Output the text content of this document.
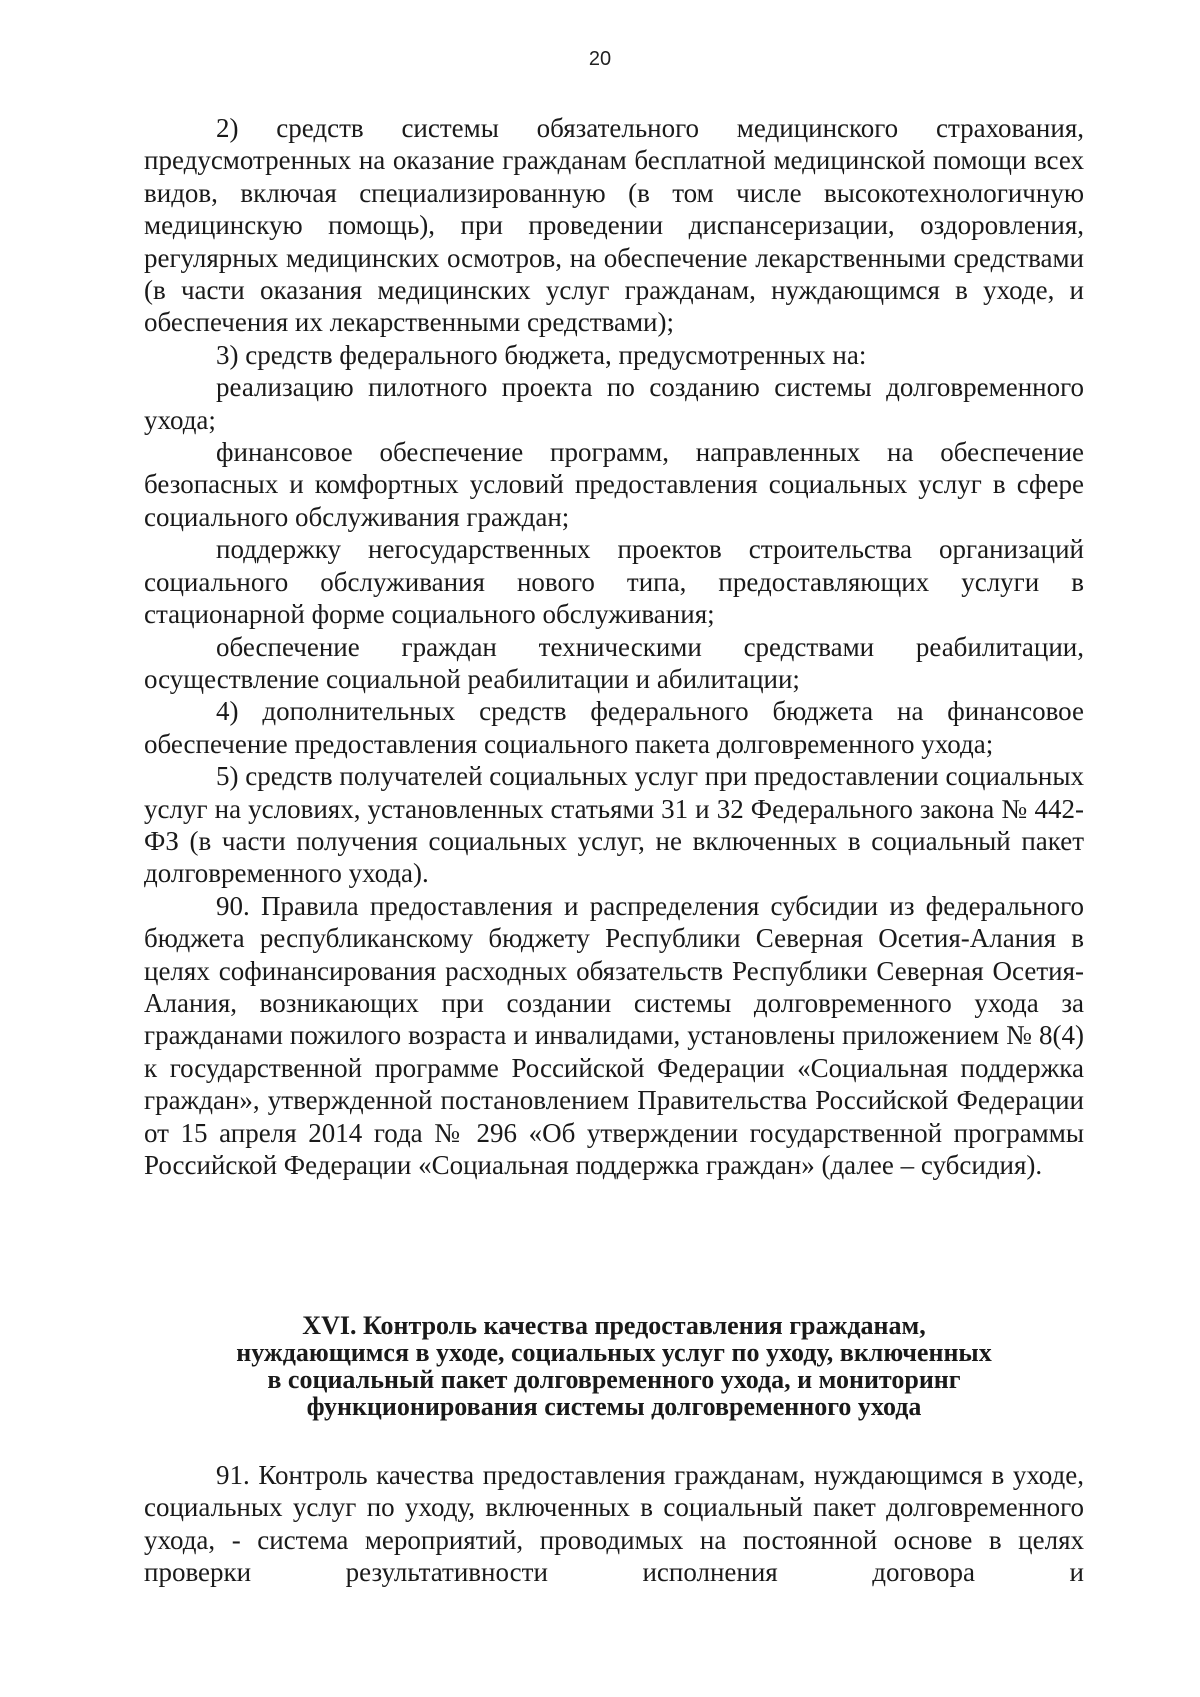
20

2) средств системы обязательного медицинского страхования, предусмотренных на оказание гражданам бесплатной медицинской помощи всех видов, включая специализированную (в том числе высокотехнологичную медицинскую помощь), при проведении диспансеризации, оздоровления, регулярных медицинских осмотров, на обеспечение лекарственными средствами (в части оказания медицинских услуг гражданам, нуждающимся в уходе, и обеспечения их лекарственными средствами);

3) средств федерального бюджета, предусмотренных на:

реализацию пилотного проекта по созданию системы долговременного ухода;

финансовое обеспечение программ, направленных на обеспечение безопасных и комфортных условий предоставления социальных услуг в сфере социального обслуживания граждан;

поддержку негосударственных проектов строительства организаций социального обслуживания нового типа, предоставляющих услуги в стационарной форме социального обслуживания;

обеспечение граждан техническими средствами реабилитации, осуществление социальной реабилитации и абилитации;

4) дополнительных средств федерального бюджета на финансовое обеспечение предоставления социального пакета долговременного ухода;

5) средств получателей социальных услуг при предоставлении социальных услуг на условиях, установленных статьями 31 и 32 Федерального закона № 442-ФЗ (в части получения социальных услуг, не включенных в социальный пакет долговременного ухода).

90. Правила предоставления и распределения субсидии из федерального бюджета республиканскому бюджету Республики Северная Осетия-Алания в целях софинансирования расходных обязательств Республики Северная Осетия-Алания, возникающих при создании системы долговременного ухода за гражданами пожилого возраста и инвалидами, установлены приложением № 8(4) к государственной программе Российской Федерации «Социальная поддержка граждан», утвержденной постановлением Правительства Российской Федерации от 15 апреля 2014 года № 296 «Об утверждении государственной программы Российской Федерации «Социальная поддержка граждан» (далее – субсидия).

XVI. Контроль качества предоставления гражданам,
нуждающимся в уходе, социальных услуг по уходу, включенных
в социальный пакет долговременного ухода, и мониторинг
функционирования системы долговременного ухода

91. Контроль качества предоставления гражданам, нуждающимся в уходе, социальных услуг по уходу, включенных в социальный пакет долговременного ухода, - система мероприятий, проводимых на постоянной основе в целях проверки результативности исполнения договора и
